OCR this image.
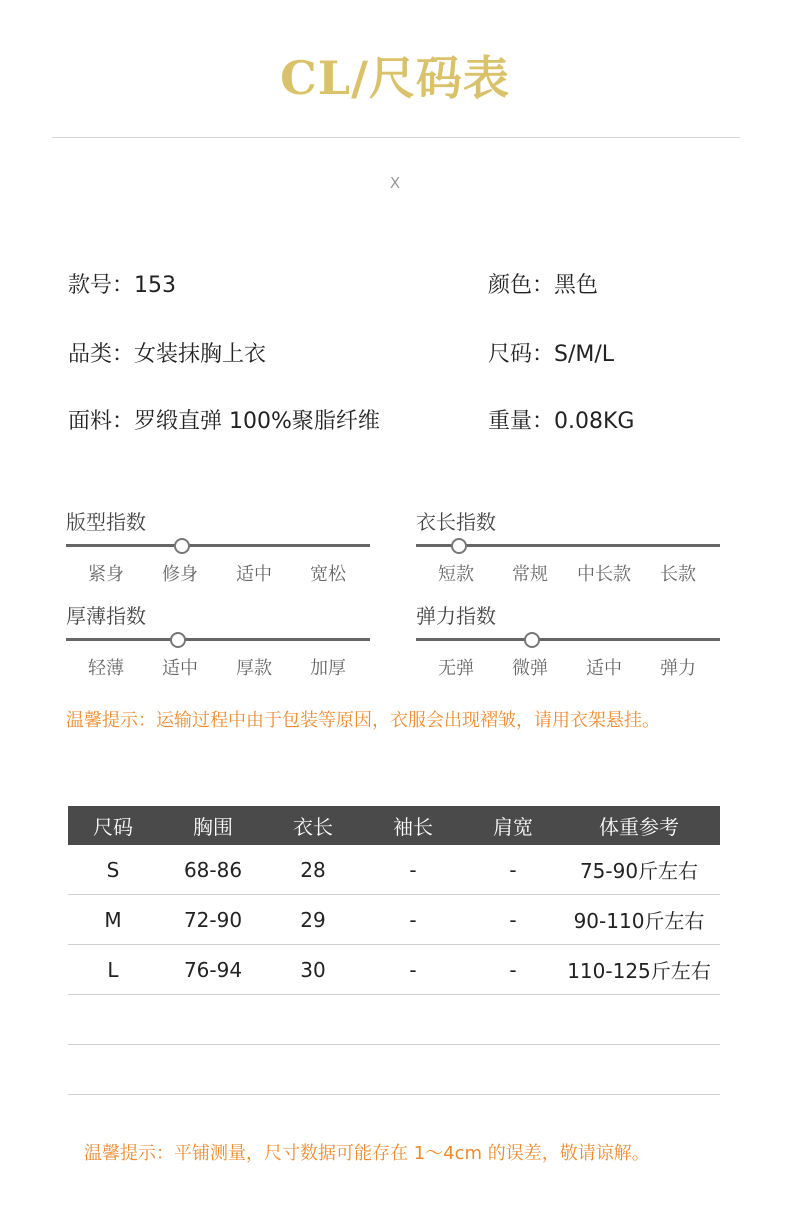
CL/尺码表
X
款号：153	颜色：黑色
品类：女装抹胸上衣	尺码：S/M/L
面料：罗缎直弹 100%聚脂纤维	重量：0.08KG
版型指数
紧身 修身 适中 宽松
衣长指数
短款 常规 中长款 长款
厚薄指数
轻薄 适中 厚款 加厚
弹力指数
无弹 微弹 适中 弹力
温馨提示：运输过程中由于包装等原因，衣服会出现褶皱，请用衣架悬挂。
尺码	胸围	衣长	袖长	肩宽	体重参考
S	68-86	28	-	-	75-90斤左右
M	72-90	29	-	-	90-110斤左右
L	76-94	30	-	-	110-125斤左右

温馨提示：平铺测量，尺寸数据可能存在 1～4cm 的误差，敬请谅解。
